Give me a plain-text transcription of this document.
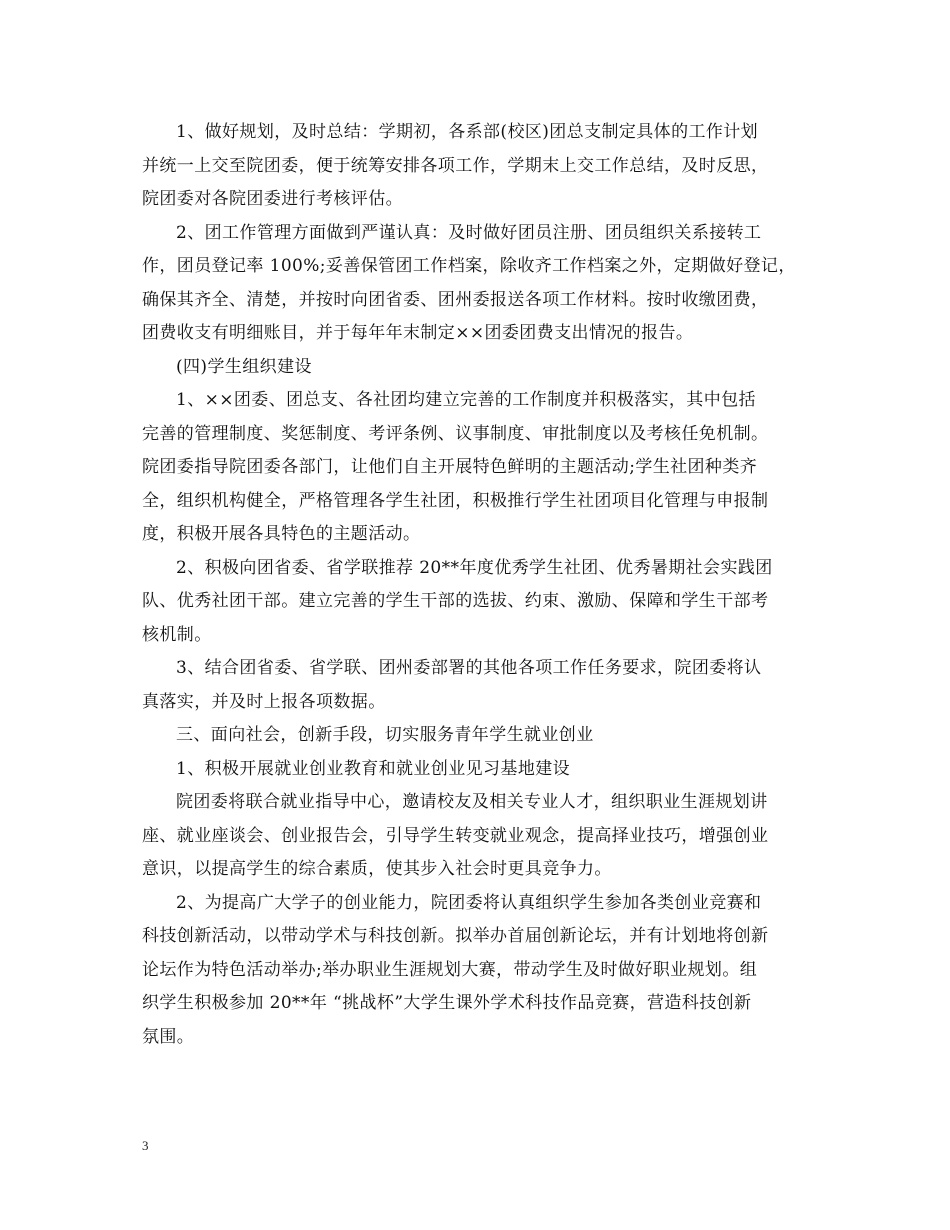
1、做好规划，及时总结：学期初，各系部(校区)团总支制定具体的工作计划
并统一上交至院团委，便于统筹安排各项工作，学期末上交工作总结，及时反思，
院团委对各院团委进行考核评估。

2、团工作管理方面做到严谨认真：及时做好团员注册、团员组织关系接转工
作，团员登记率 100%;妥善保管团工作档案，除收齐工作档案之外，定期做好登记，
确保其齐全、清楚，并按时向团省委、团州委报送各项工作材料。按时收缴团费，
团费收支有明细账目，并于每年年末制定××团委团费支出情况的报告。

(四)学生组织建设

1、××团委、团总支、各社团均建立完善的工作制度并积极落实，其中包括
完善的管理制度、奖惩制度、考评条例、议事制度、审批制度以及考核任免机制。
院团委指导院团委各部门，让他们自主开展特色鲜明的主题活动;学生社团种类齐
全，组织机构健全，严格管理各学生社团，积极推行学生社团项目化管理与申报制
度，积极开展各具特色的主题活动。

2、积极向团省委、省学联推荐 20**年度优秀学生社团、优秀暑期社会实践团
队、优秀社团干部。建立完善的学生干部的选拔、约束、激励、保障和学生干部考
核机制。

3、结合团省委、省学联、团州委部署的其他各项工作任务要求，院团委将认
真落实，并及时上报各项数据。

三、面向社会，创新手段，切实服务青年学生就业创业

1、积极开展就业创业教育和就业创业见习基地建设

院团委将联合就业指导中心，邀请校友及相关专业人才，组织职业生涯规划讲
座、就业座谈会、创业报告会，引导学生转变就业观念，提高择业技巧，增强创业
意识，以提高学生的综合素质，使其步入社会时更具竞争力。

2、为提高广大学子的创业能力，院团委将认真组织学生参加各类创业竞赛和
科技创新活动，以带动学术与科技创新。拟举办首届创新论坛，并有计划地将创新
论坛作为特色活动举办;举办职业生涯规划大赛，带动学生及时做好职业规划。组
织学生积极参加 20**年 “挑战杯”大学生课外学术科技作品竞赛，营造科技创新
氛围。

3
